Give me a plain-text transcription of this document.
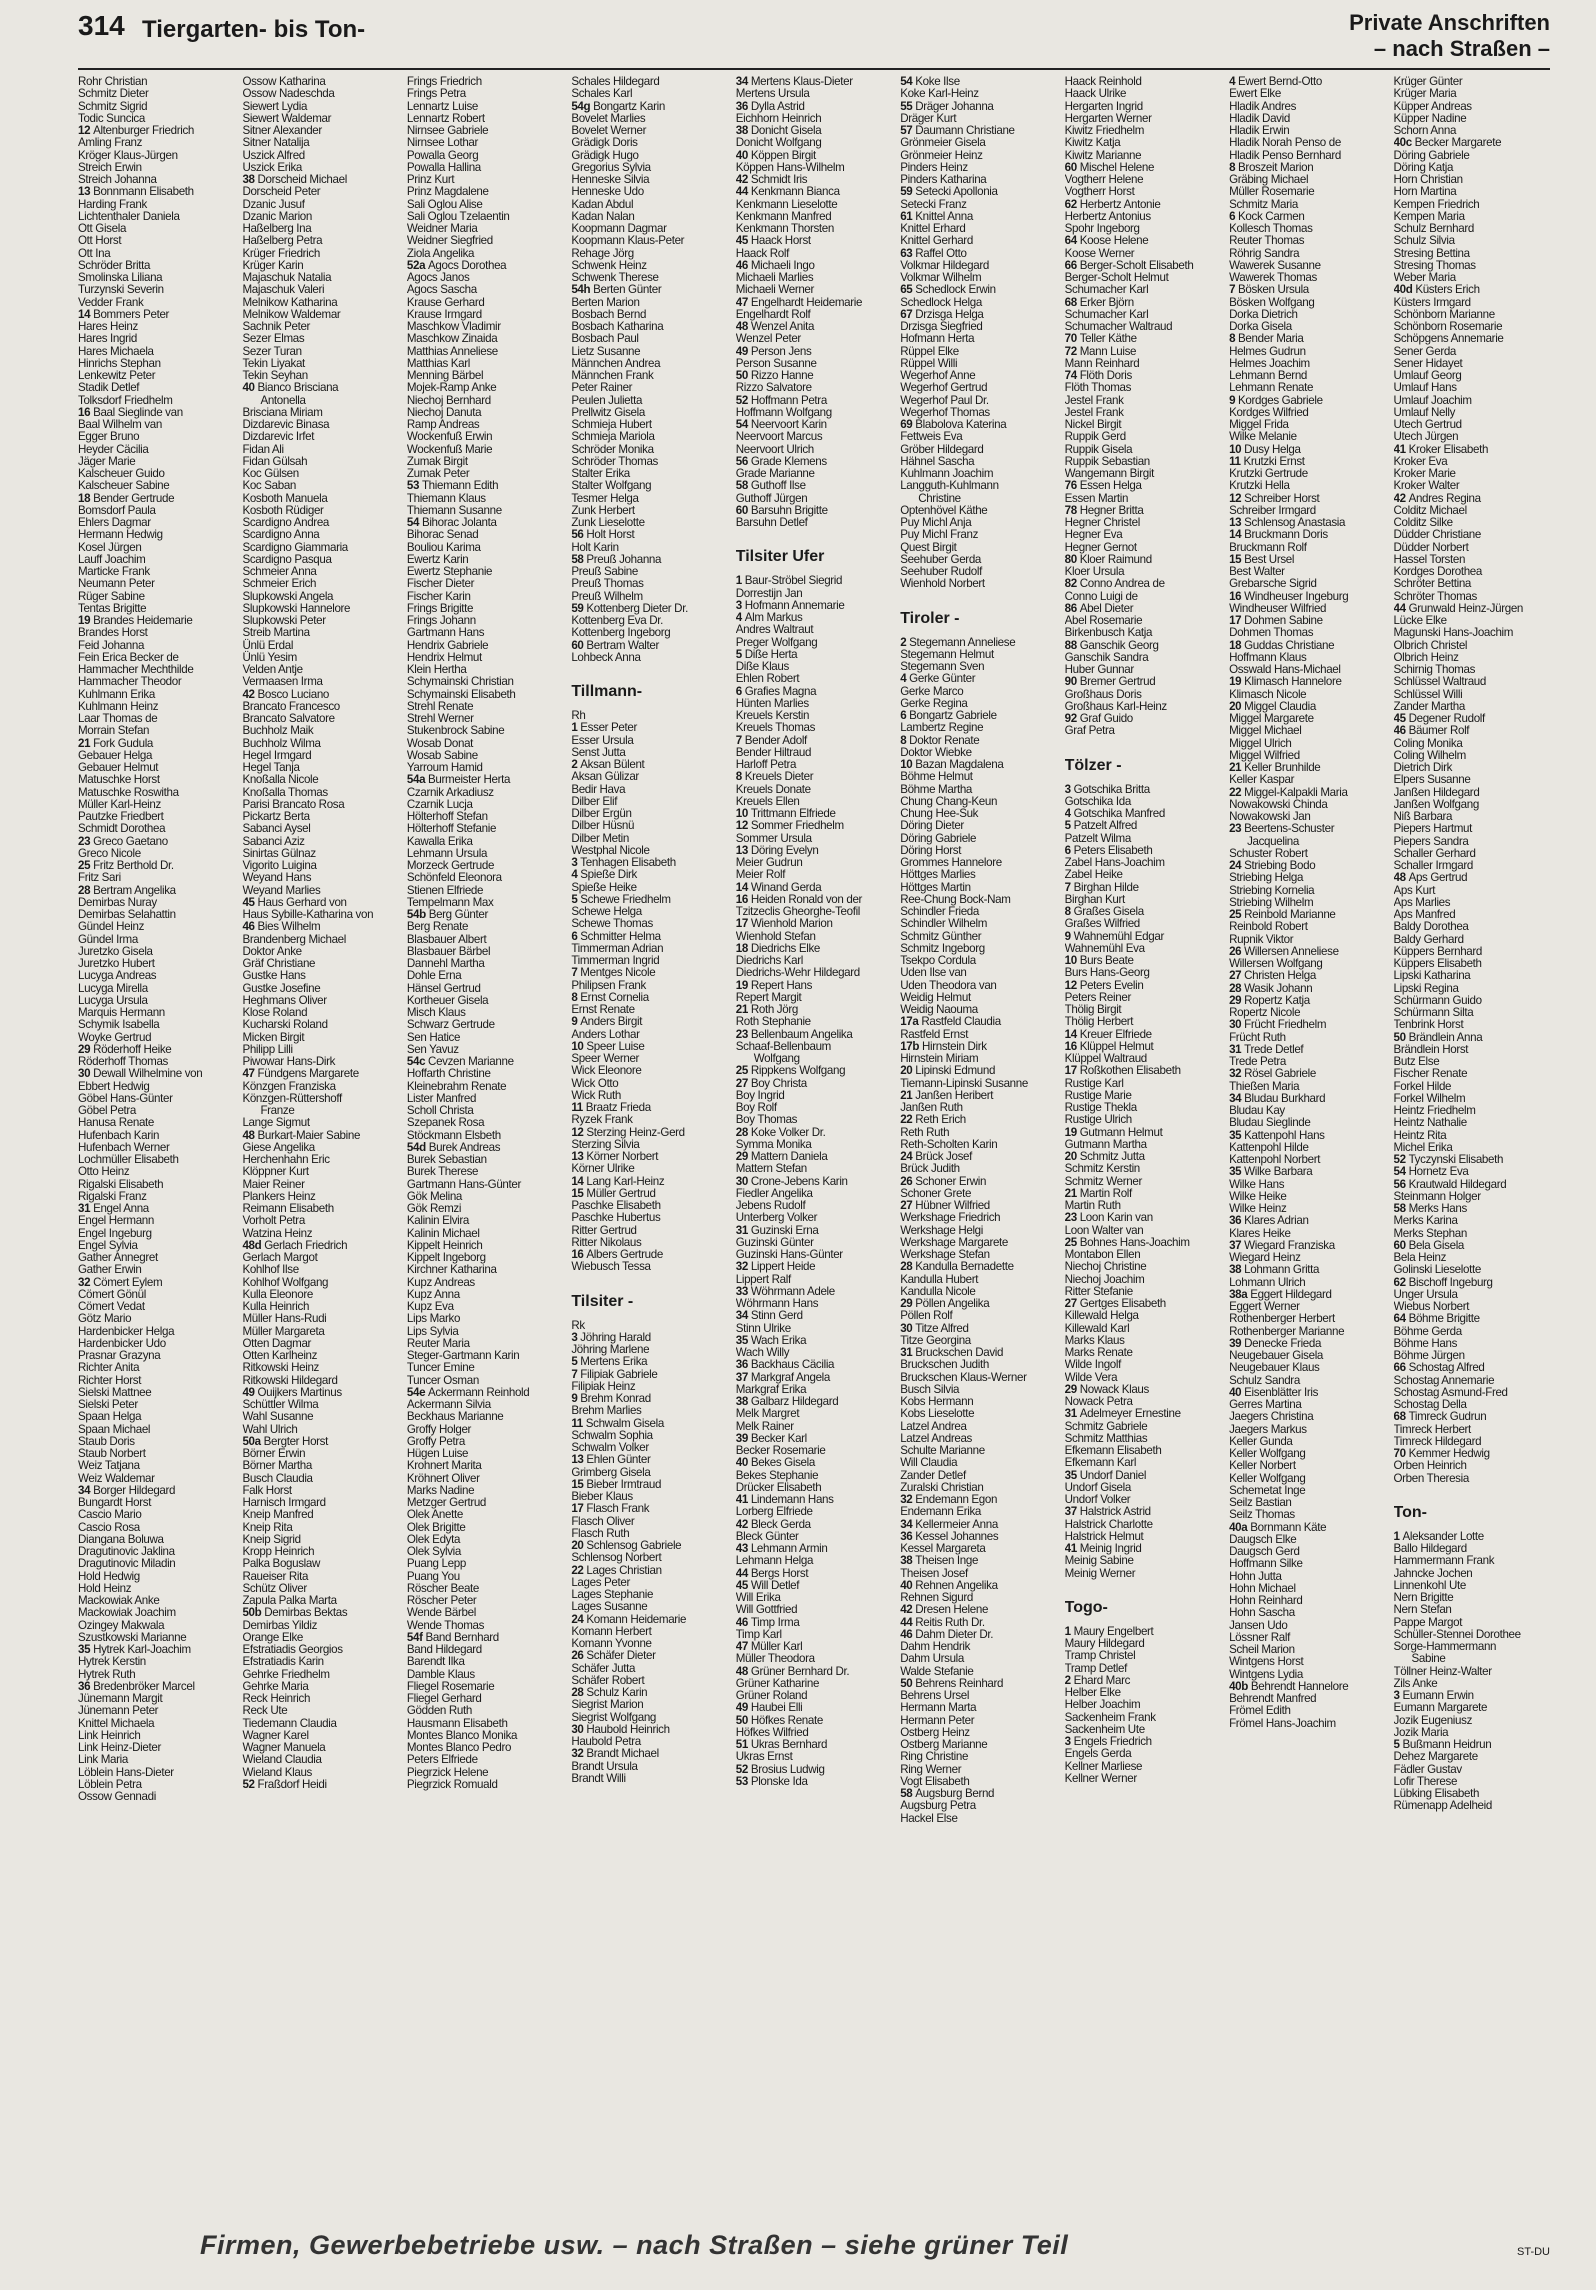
314 Tiergarten- bis Ton-	Private Anschriften
– nach Straßen –
Rohr Christian
Schmitz Dieter
Schmitz Sigrid
Todic Suncica
12 Altenburger Friedrich
Amling Franz
Kröger Klaus-Jürgen
Streich Erwin
Streich Johanna
13 Bonnmann Elisabeth
Harding Frank
Lichtenthaler Daniela
Ott Gisela
Ott Horst
Ott Ina
Schröder Britta
Smolinska Liliana
Turzynski Severin
Vedder Frank
14 Bommers Peter
Hares Heinz
Hares Ingrid
Hares Michaela
Hinrichs Stephan
Lenkewitz Peter
Stadik Detlef
Tolksdorf Friedhelm
16 Baal Sieglinde van
Baal Wilhelm van
Egger Bruno
Heyder Cäcilia
Jäger Marie
Kalscheuer Guido
Kalscheuer Sabine
18 Bender Gertrude
Bomsdorf Paula
Ehlers Dagmar
Hermann Hedwig
Kosel Jürgen
Lauff Joachim
Marticke Frank
Neumann Peter
Rüger Sabine
Tentas Brigitte
19 Brandes Heidemarie
Brandes Horst
Feid Johanna
Fein Erica Becker de
Hammacher Mechthilde
Hammacher Theodor
Kuhlmann Erika
Kuhlmann Heinz
Laar Thomas de
Morrain Stefan
21 Fork Gudula
Gebauer Helga
Gebauer Helmut
Matuschke Horst
Matuschke Roswitha
Müller Karl-Heinz
Pautzke Friedbert
Schmidt Dorothea
23 Greco Gaetano
Greco Nicole
25 Fritz Berthold Dr.
Fritz Sari
28 Bertram Angelika
Demirbas Nuray
Demirbas Selahattin
Gündel Heinz
Gündel Irma
Juretzko Gisela
Juretzko Hubert
Lucyga Andreas
Lucyga Mirella
Lucyga Ursula
Marquis Hermann
Schymik Isabella
Woyke Gertrud
29 Röderhoff Heike
Röderhoff Thomas
30 Dewall Wilhelmine von
Ebbert Hedwig
Göbel Hans-Günter
Göbel Petra
Hanusa Renate
Hufenbach Karin
Hufenbach Werner
Lochmüller Elisabeth
Otto Heinz
Rigalski Elisabeth
Rigalski Franz
31 Engel Anna
Engel Hermann
Engel Ingeburg
Engel Sylvia
Gather Annegret
Gather Erwin
32 Cömert Eylem
Cömert Gönül
Cömert Vedat
Götz Mario
Hardenbicker Helga
Hardenbicker Udo
Prasnar Grazyna
Richter Anita
Richter Horst
Sielski Mattnee
Sielski Peter
Spaan Helga
Spaan Michael
Staub Doris
Staub Norbert
Weiz Tatjana
Weiz Waldemar
34 Borger Hildegard
Bungardt Horst
Cascio Mario
Cascio Rosa
Diangana Boluwa
Dragutinovic Jaklina
Dragutinovic Miladin
Hold Hedwig
Hold Heinz
Mackowiak Anke
Mackowiak Joachim
Ozingey Makwala
Szustkowski Marianne
35 Hytrek Karl-Joachim
Hytrek Kerstin
Hytrek Ruth
36 Bredenbröker Marcel
Jünemann Margit
Jünemann Peter
Knittel Michaela
Link Heinrich
Link Heinz-Dieter
Link Maria
Löblein Hans-Dieter
Löblein Petra
Ossow Gennadi
Ossow Katharina
Ossow Nadeschda
Siewert Lydia
Siewert Waldemar
Sitner Alexander
Sitner Natalija
Uszick Alfred
Uszick Erika
38 Dorscheid Michael
Dorscheid Peter
Dzanic Jusuf
Dzanic Marion
Haßelberg Ina
Haßelberg Petra
Krüger Friedrich
Krüger Karin
Majaschuk Natalia
Majaschuk Valeri
Melnikow Katharina
Melnikow Waldemar
Sachnik Peter
Sezer Elmas
Sezer Turan
Tekin Liyakat
Tekin Seyhan
40 Bianco Brisciana
Antonella
Brisciana Miriam
Dizdarevic Binasa
Dizdarevic Irfet
Fidan Ali
Fidan Gülsah
Koc Gülsen
Koc Saban
Kosboth Manuela
Kosboth Rüdiger
Scardigno Andrea
Scardigno Anna
Scardigno Giammaria
Scardigno Pasqua
Schmeier Anna
Schmeier Erich
Slupkowski Angela
Slupkowski Hannelore
Slupkowski Peter
Streib Martina
Ünlü Erdal
Ünlü Yesim
Velden Antje
Vermaasen Irma
42 Bosco Luciano
Brancato Francesco
Brancato Salvatore
Buchholz Maik
Buchholz Wilma
Hegel Irmgard
Hegel Tanja
Knoßalla Nicole
Knoßalla Thomas
Parisi Brancato Rosa
Pickartz Berta
Sabanci Aysel
Sabanci Aziz
Sinirtas Gülnaz
Vigorito Luigina
Weyand Hans
Weyand Marlies
45 Haus Gerhard von
Haus Sybille-Katharina von
46 Bies Wilhelm
Brandenberg Michael
Doktor Anke
Gräf Christiane
Gustke Hans
Gustke Josefine
Heghmans Oliver
Klose Roland
Kucharski Roland
Micken Birgit
Philipp Lilli
Piwowar Hans-Dirk
47 Fündgens Margarete
Könzgen Franziska
Könzgen-Rüttershoff
Franze
Lange Sigmut
48 Burkart-Maier Sabine
Giese Angelika
Herchenhahn Eric
Klöppner Kurt
Maier Reiner
Plankers Heinz
Reimann Elisabeth
Vorholt Petra
Watzina Heinz
48d Gerlach Friedrich
Gerlach Margot
Kohlhof Ilse
Kohlhof Wolfgang
Kulla Eleonore
Kulla Heinrich
Müller Hans-Rudi
Müller Margareta
Otten Dagmar
Otten Karlheinz
Ritkowski Heinz
Ritkowski Hildegard
49 Ouijkers Martinus
Schüttler Wilma
Wahl Susanne
Wahl Ulrich
50a Bergter Horst
Börner Erwin
Börner Martha
Busch Claudia
Falk Horst
Harnisch Irmgard
Kneip Manfred
Kneip Rita
Kneip Sigrid
Kropp Heinrich
Palka Boguslaw
Raueiser Rita
Schütz Oliver
Zapula Palka Marta
50b Demirbas Bektas
Demirbas Yildiz
Orange Elke
Efstratiadis Georgios
Efstratiadis Karin
Gehrke Friedhelm
Gehrke Maria
Reck Heinrich
Reck Ute
Tiedemann Claudia
Wagner Karel
Wagner Manuela
Wieland Claudia
Wieland Klaus
52 Fraßdorf Heidi
Frings Friedrich
Frings Petra
Lennartz Luise
Lennartz Robert
Nirnsee Gabriele
Nirnsee Lothar
Powalla Georg
Powalla Hallina
Prinz Kurt
Prinz Magdalene
Sali Oglou Alise
Sali Oglou Tzelaentin
Weidner Maria
Weidner Siegfried
Ziola Angelika
52a Agocs Dorothea
Agocs Janos
Agocs Sascha
Krause Gerhard
Krause Irmgard
Maschkow Vladimir
Maschkow Zinaida
Matthias Anneliese
Matthias Karl
Menning Bärbel
Mojek-Ramp Anke
Niechoj Bernhard
Niechoj Danuta
Ramp Andreas
Wockenfuß Erwin
Wockenfuß Marie
Zumak Birgit
Zumak Peter
53 Thiemann Edith
Thiemann Klaus
Thiemann Susanne
54 Bihorac Jolanta
Bihorac Senad
Bouliou Karima
Ewertz Karin
Ewertz Stephanie
Fischer Dieter
Fischer Karin
Frings Brigitte
Frings Johann
Gartmann Hans
Hendrix Gabriele
Hendrix Helmut
Klein Hertha
Schymainski Christian
Schymainski Elisabeth
Strehl Renate
Strehl Werner
Stukenbrock Sabine
Wosab Donat
Wosab Sabine
Yarroum Hamid
54a Burmeister Herta
Czarnik Arkadiusz
Czarnik Lucja
Hölterhoff Stefan
Hölterhoff Stefanie
Kawalla Erika
Lehmann Ursula
Morzeck Gertrude
Schönfeld Eleonora
Stienen Elfriede
Tempelmann Max
54b Berg Günter
Berg Renate
Blasbauer Albert
Blasbauer Bärbel
Dannehl Martha
Dohle Erna
Hänsel Gertrud
Kortheuer Gisela
Misch Klaus
Schwarz Gertrude
Sen Hatice
Sen Yavuz
54c Cevzen Marianne
Hoffarth Christine
Kleinebrahm Renate
Lister Manfred
Scholl Christa
Szepanek Rosa
Stöckmann Elsbeth
54d Burek Andreas
Burek Sebastian
Burek Therese
Gartmann Hans-Günter
Gök Melina
Gök Remzi
Kalinin Elvira
Kalinin Michael
Kippelt Heinrich
Kippelt Ingeborg
Kirchner Katharina
Kupz Andreas
Kupz Anna
Kupz Eva
Lips Marko
Lips Sylvia
Reuter Maria
Steger-Gartmann Karin
Tuncer Emine
Tuncer Osman
54e Ackermann Reinhold
Ackermann Silvia
Beckhaus Marianne
Groffy Holger
Groffy Petra
Hügen Luise
Krohnert Marita
Kröhnert Oliver
Marks Nadine
Metzger Gertrud
Olek Anette
Olek Brigitte
Olek Edyta
Olek Sylvia
Puang Lepp
Puang You
Röscher Beate
Röscher Peter
Wende Bärbel
Wende Thomas
54f Band Bernhard
Band Hildegard
Barendt Ilka
Damble Klaus
Fliegel Rosemarie
Fliegel Gerhard
Gödden Ruth
Hausmann Elisabeth
Montes Blanco Monika
Montes Blanco Pedro
Peters Elfriede
Piegrzick Helene
Piegrzick Romuald
Schales Hildegard
Schales Karl
54g Bongartz Karin
Bovelet Marlies
Bovelet Werner
Grädigk Doris
Grädigk Hugo
Gregorius Sylvia
Henneske Silvia
Henneske Udo
Kadan Abdul
Kadan Nalan
Koopmann Dagmar
Koopmann Klaus-Peter
Rehage Jörg
Schwenk Heinz
Schwenk Therese
54h Berten Günter
Berten Marion
Bosbach Bernd
Bosbach Katharina
Bosbach Paul
Lietz Susanne
Männchen Andrea
Männchen Frank
Peter Rainer
Peulen Julietta
Prellwitz Gisela
Schmieja Hubert
Schmieja Mariola
Schröder Monika
Schröder Thomas
Stalter Erika
Stalter Wolfgang
Tesmer Helga
Zunk Herbert
Zunk Lieselotte
56 Holt Horst
Holt Karin
58 Preuß Johanna
Preuß Sabine
Preuß Thomas
Preuß Wilhelm
59 Kottenberg Dieter Dr.
Kottenberg Eva Dr.
Kottenberg Ingeborg
60 Bertram Walter
Lohbeck Anna
Tillmann-
Rh
1 Esser Peter
Esser Ursula
Senst Jutta
2 Aksan Bülent
Aksan Gülizar
Bedir Hava
Dilber Elif
Dilber Ergün
Dilber Hüsnü
Dilber Metin
Westphal Nicole
3 Tenhagen Elisabeth
4 Spieße Dirk
Spieße Heike
5 Schewe Friedhelm
Schewe Helga
Schewe Thomas
6 Schmitter Helma
Timmerman Adrian
Timmerman Ingrid
7 Mentges Nicole
Philipsen Frank
8 Ernst Cornelia
Ernst Renate
9 Anders Birgit
Anders Lothar
10 Speer Luise
Speer Werner
Wick Eleonore
Wick Otto
Wick Ruth
11 Braatz Frieda
Ryzek Frank
12 Sterzing Heinz-Gerd
Sterzing Silvia
13 Körner Norbert
Körner Ulrike
14 Lang Karl-Heinz
15 Müller Gertrud
Paschke Elisabeth
Paschke Hubertus
Ritter Gertrud
Ritter Nikolaus
16 Albers Gertrude
Wiebusch Tessa
Tilsiter -
Rk
3 Jöhring Harald
Jöhring Marlene
5 Mertens Erika
7 Filipiak Gabriele
Filipiak Heinz
9 Brehm Konrad
Brehm Marlies
11 Schwalm Gisela
Schwalm Sophia
Schwalm Volker
13 Ehlen Günter
Grimberg Gisela
15 Bieber Irmtraud
Bieber Klaus
17 Flasch Frank
Flasch Oliver
Flasch Ruth
20 Schlensog Gabriele
Schlensog Norbert
22 Lages Christian
Lages Peter
Lages Stephanie
Lages Susanne
24 Komann Heidemarie
Komann Herbert
Komann Yvonne
26 Schäfer Dieter
Schäfer Jutta
Schäfer Robert
28 Schulz Karin
Siegrist Marion
Siegrist Wolfgang
30 Haubold Heinrich
Haubold Petra
32 Brandt Michael
Brandt Ursula
Brandt Willi
34 Mertens Klaus-Dieter
Mertens Ursula
36 Dylla Astrid
Eichhorn Heinrich
38 Donicht Gisela
Donicht Wolfgang
40 Köppen Birgit
Köppen Hans-Wilhelm
42 Schmidt Iris
44 Kenkmann Bianca
Kenkmann Lieselotte
Kenkmann Manfred
Kenkmann Thorsten
45 Haack Horst
Haack Rolf
46 Michaeli Ingo
Michaeli Marlies
Michaeli Werner
47 Engelhardt Heidemarie
Engelhardt Rolf
48 Wenzel Anita
Wenzel Peter
49 Person Jens
Person Susanne
50 Rizzo Hanne
Rizzo Salvatore
52 Hoffmann Petra
Hoffmann Wolfgang
54 Neervoort Karin
Neervoort Marcus
Neervoort Ulrich
56 Grade Klemens
Grade Marianne
58 Guthoff Ilse
Guthoff Jürgen
60 Barsuhn Brigitte
Barsuhn Detlef
Tilsiter Ufer
1 Baur-Ströbel Siegrid
Dorrestijn Jan
3 Hofmann Annemarie
4 Alm Markus
Andres Waltraut
Preger Wolfgang
5 Diße Herta
Diße Klaus
Ehlen Robert
6 Grafies Magna
Hünten Marlies
Kreuels Kerstin
Kreuels Thomas
7 Bender Adolf
Bender Hiltraud
Harloff Petra
8 Kreuels Dieter
Kreuels Donate
Kreuels Ellen
10 Trittmann Elfriede
12 Sommer Friedhelm
Sommer Ursula
13 Döring Evelyn
Meier Gudrun
Meier Rolf
14 Winand Gerda
16 Heiden Ronald von der
Tzitzeclis Gheorghe-Teofil
17 Wienhold Marion
Wienhold Stefan
18 Diedrichs Elke
Diedrichs Karl
Diedrichs-Wehr Hildegard
19 Repert Hans
Repert Margit
21 Roth Jörg
Roth Stephanie
23 Bellenbaum Angelika
Schaaf-Bellenbaum
Wolfgang
25 Rippkens Wolfgang
27 Boy Christa
Boy Ingrid
Boy Rolf
Boy Thomas
28 Koke Volker Dr.
Symma Monika
29 Mattern Daniela
Mattern Stefan
30 Crone-Jebens Karin
Fiedler Angelika
Jebens Rudolf
Unterberg Volker
31 Guzinski Erna
Guzinski Günter
Guzinski Hans-Günter
32 Lippert Heide
Lippert Ralf
33 Wöhrmann Adele
Wöhrmann Hans
34 Stinn Gerd
Stinn Ulrike
35 Wach Erika
Wach Willy
36 Backhaus Cäcilia
37 Markgraf Angela
Markgraf Erika
38 Galbarz Hildegard
Melk Margret
Melk Rainer
39 Becker Karl
Becker Rosemarie
40 Bekes Gisela
Bekes Stephanie
Drücker Elisabeth
41 Lindemann Hans
Lorberg Elfriede
42 Bleck Gerda
Bleck Günter
43 Lehmann Armin
Lehmann Helga
44 Bergs Horst
45 Will Detlef
Will Erika
Will Gottfried
46 Timp Irma
Timp Karl
47 Müller Karl
Müller Theodora
48 Grüner Bernhard Dr.
Grüner Katharine
Grüner Roland
49 Haubei Elli
50 Höfkes Renate
Höfkes Wilfried
51 Ukras Bernhard
Ukras Ernst
52 Brosius Ludwig
53 Plonske Ida
54 Koke Ilse
Koke Karl-Heinz
55 Dräger Johanna
Dräger Kurt
57 Daumann Christiane
Grönmeier Gisela
Grönmeier Heinz
Pinders Heinz
Pinders Katharina
59 Setecki Apollonia
Setecki Franz
61 Knittel Anna
Knittel Erhard
Knittel Gerhard
63 Raffel Otto
Volkmar Hildegard
Volkmar Wilhelm
65 Schedlock Erwin
Schedlock Helga
67 Drzisga Helga
Drzisga Siegfried
Hofmann Herta
Rüppel Elke
Rüppel Willi
Wegerhof Anne
Wegerhof Gertrud
Wegerhof Paul Dr.
Wegerhof Thomas
69 Blabolova Katerina
Fettweis Eva
Gröber Hildegard
Hähnel Sascha
Kuhlmann Joachim
Langguth-Kuhlmann
Christine
Optenhövel Käthe
Puy Michl Anja
Puy Michl Franz
Quest Birgit
Seehuber Gerda
Seehuber Rudolf
Wienhold Norbert
Tiroler -
2 Stegemann Anneliese
Stegemann Helmut
Stegemann Sven
4 Gerke Günter
Gerke Marco
Gerke Regina
6 Bongartz Gabriele
Lambertz Regine
8 Doktor Renate
Doktor Wiebke
10 Bazan Magdalena
Böhme Helmut
Böhme Martha
Chung Chang-Keun
Chung Hee-Suk
Döring Dieter
Döring Gabriele
Döring Horst
Grommes Hannelore
Höttges Marlies
Höttges Martin
Ree-Chung Bock-Nam
Schindler Frieda
Schindler Wilhelm
Schmitz Günther
Schmitz Ingeborg
Tsekpo Cordula
Uden Ilse van
Uden Theodora van
Weidig Helmut
Weidig Naouma
17a Rastfeld Claudia
Rastfeld Ernst
17b Hirnstein Dirk
Hirnstein Miriam
20 Lipinski Edmund
Tiemann-Lipinski Susanne
21 Janßen Heribert
Janßen Ruth
22 Reth Erich
Reth Ruth
Reth-Scholten Karin
24 Brück Josef
Brück Judith
26 Schoner Erwin
Schoner Grete
27 Hübner Wilfried
Werkshage Friedrich
Werkshage Helgi
Werkshage Margarete
Werkshage Stefan
28 Kandulla Bernadette
Kandulla Hubert
Kandulla Nicole
29 Pöllen Angelika
Pöllen Rolf
30 Titze Alfred
Titze Georgina
31 Bruckschen David
Bruckschen Judith
Bruckschen Klaus-Werner
Busch Silvia
Kobs Hermann
Kobs Lieselotte
Latzel Andrea
Latzel Andreas
Schulte Marianne
Will Claudia
Zander Detlef
Zuralski Christian
32 Endemann Egon
Endemann Erika
34 Kellermeier Anna
36 Kessel Johannes
Kessel Margareta
38 Theisen Inge
Theisen Josef
40 Rehnen Angelika
Rehnen Sigurd
42 Dresen Helene
44 Reitis Ruth Dr.
46 Dahm Dieter Dr.
Dahm Hendrik
Dahm Ursula
Walde Stefanie
50 Behrens Reinhard
Behrens Ursel
Hermann Marta
Hermann Peter
Ostberg Heinz
Ostberg Marianne
Ring Christine
Ring Werner
Vogt Elisabeth
58 Augsburg Bernd
Augsburg Petra
Hackel Else
Haack Reinhold
Haack Ulrike
Hergarten Ingrid
Hergarten Werner
Kiwitz Friedhelm
Kiwitz Katja
Kiwitz Marianne
60 Mischel Helene
Vogtherr Helene
Vogtherr Horst
62 Herbertz Antonie
Herbertz Antonius
Spohr Ingeborg
64 Koose Helene
Koose Werner
66 Berger-Scholt Elisabeth
Berger-Scholt Helmut
Schumacher Karl
68 Erker Björn
Schumacher Karl
Schumacher Waltraud
70 Teller Käthe
72 Mann Luise
Mann Reinhard
74 Flöth Doris
Flöth Thomas
Jestel Frank
Jestel Frank
Nickel Birgit
Ruppik Gerd
Ruppik Gisela
Ruppik Sebastian
Wangemann Birgit
76 Essen Helga
Essen Martin
78 Hegner Britta
Hegner Christel
Hegner Eva
Hegner Gernot
80 Kloer Raimund
Kloer Ursula
82 Conno Andrea de
Conno Luigi de
86 Abel Dieter
Abel Rosemarie
Birkenbusch Katja
88 Ganschik Georg
Ganschik Sandra
Huber Gunnar
90 Bremer Gertrud
Großhaus Doris
Großhaus Karl-Heinz
92 Graf Guido
Graf Petra
Tölzer -
3 Gotschika Britta
Gotschika Ida
4 Gotschika Manfred
5 Patzelt Alfred
Patzelt Wilma
6 Peters Elisabeth
Zabel Hans-Joachim
Zabel Heike
7 Birghan Hilde
Birghan Kurt
8 Graßes Gisela
Graßes Wilfried
9 Wahnemühl Edgar
Wahnemühl Eva
10 Burs Beate
Burs Hans-Georg
12 Peters Evelin
Peters Reiner
Thölig Birgit
Thölig Herbert
14 Kreuer Elfriede
16 Klüppel Helmut
Klüppel Waltraud
17 Roßkothen Elisabeth
Rustige Karl
Rustige Marie
Rustige Thekla
Rustige Ulrich
19 Gutmann Helmut
Gutmann Martha
20 Schmitz Jutta
Schmitz Kerstin
Schmitz Werner
21 Martin Rolf
Martin Ruth
23 Loon Karin van
Loon Walter van
25 Bohnes Hans-Joachim
Montabon Ellen
Niechoj Christine
Niechoj Joachim
Ritter Stefanie
27 Gertges Elisabeth
Killewald Helga
Killewald Karl
Marks Klaus
Marks Renate
Wilde Ingolf
Wilde Vera
29 Nowack Klaus
Nowack Petra
31 Adelmeyer Ernestine
Schmitz Gabriele
Schmitz Matthias
Efkemann Elisabeth
Efkemann Karl
35 Undorf Daniel
Undorf Gisela
Undorf Volker
37 Halstrick Astrid
Halstrick Charlotte
Halstrick Helmut
41 Meinig Ingrid
Meinig Sabine
Meinig Werner
Togo-
1 Maury Engelbert
Maury Hildegard
Tramp Christel
Tramp Detlef
2 Ehard Marc
Helber Elke
Helber Joachim
Sackenheim Frank
Sackenheim Ute
3 Engels Friedrich
Engels Gerda
Kellner Marliese
Kellner Werner
4 Ewert Bernd-Otto
Ewert Elke
Hladik Andres
Hladik David
Hladik Erwin
Hladik Norah Penso de
Hladik Penso Bernhard
8 Broszeit Marion
Gräbing Michael
Müller Rosemarie
Schmitz Maria
6 Kock Carmen
Kollesch Thomas
Reuter Thomas
Röhrig Sandra
Wawerek Susanne
Wawerek Thomas
7 Bösken Ursula
Bösken Wolfgang
Dorka Dietrich
Dorka Gisela
8 Bender Maria
Helmes Gudrun
Helmes Joachim
Lehmann Bernd
Lehmann Renate
9 Kordges Gabriele
Kordges Wilfried
Miggel Frida
Wilke Melanie
10 Dusy Helga
11 Krutzki Ernst
Krutzki Gertrude
Krutzki Hella
12 Schreiber Horst
Schreiber Irmgard
13 Schlensog Anastasia
14 Bruckmann Doris
Bruckmann Rolf
15 Best Ursel
Best Walter
Grebarsche Sigrid
16 Windheuser Ingeburg
Windheuser Wilfried
17 Dohmen Sabine
Dohmen Thomas
18 Guddas Christiane
Hoffmann Klaus
Osswald Hans-Michael
19 Klimasch Hannelore
Klimasch Nicole
20 Miggel Claudia
Miggel Margarete
Miggel Michael
Miggel Ulrich
Miggel Wilfried
21 Keller Brunhilde
Keller Kaspar
22 Miggel-Kalpakli Maria
Nowakowski Chinda
Nowakowski Jan
23 Beertens-Schuster
Jacquelina
Schuster Robert
24 Striebing Bodo
Striebing Helga
Striebing Kornelia
Striebing Wilhelm
25 Reinbold Marianne
Reinbold Robert
Rupnik Viktor
26 Willersen Anneliese
Willersen Wolfgang
27 Christen Helga
28 Wasik Johann
29 Ropertz Katja
Ropertz Nicole
30 Frücht Friedhelm
Frücht Ruth
31 Trede Detlef
Trede Petra
32 Rösel Gabriele
Thießen Maria
34 Bludau Burkhard
Bludau Kay
Bludau Sieglinde
35 Kattenpohl Hans
Kattenpohl Hilde
Kattenpohl Norbert
35 Wilke Barbara
Wilke Hans
Wilke Heike
Wilke Heinz
36 Klares Adrian
Klares Heike
37 Wiegard Franziska
Wiegard Heinz
38 Lohmann Gritta
Lohmann Ulrich
38a Eggert Hildegard
Eggert Werner
Rothenberger Herbert
Rothenberger Marianne
39 Denecke Frieda
Neugebauer Gisela
Neugebauer Klaus
Schulz Sandra
40 Eisenblätter Iris
Gerres Martina
Jaegers Christina
Jaegers Markus
Keller Gunda
Keller Wolfgang
Keller Norbert
Keller Wolfgang
Schemetat Inge
Seilz Bastian
Seilz Thomas
40a Bornmann Käte
Daugsch Elke
Daugsch Gerd
Hoffmann Silke
Hohn Jutta
Hohn Michael
Hohn Reinhard
Hohn Sascha
Jansen Udo
Lössner Ralf
Scheil Marion
Wintgens Horst
Wintgens Lydia
40b Behrendt Hannelore
Behrendt Manfred
Frömel Edith
Frömel Hans-Joachim
Krüger Günter
Krüger Maria
Küpper Andreas
Küpper Nadine
Schorn Anna
40c Becker Margarete
Döring Gabriele
Döring Katja
Horn Christian
Horn Martina
Kempen Friedrich
Kempen Maria
Schulz Bernhard
Schulz Silvia
Stresing Bettina
Stresing Thomas
Weber Maria
40d Küsters Erich
Küsters Irmgard
Schönborn Marianne
Schönborn Rosemarie
Schöpgens Annemarie
Sener Gerda
Sener Hidayet
Umlauf Georg
Umlauf Hans
Umlauf Joachim
Umlauf Nelly
Utech Gertrud
Utech Jürgen
41 Kroker Elisabeth
Kroker Eva
Kroker Marie
Kroker Walter
42 Andres Regina
Colditz Michael
Colditz Silke
Düdder Christiane
Düdder Norbert
Hassel Torsten
Kordges Dorothea
Schröter Bettina
Schröter Thomas
44 Grunwald Heinz-Jürgen
Lücke Elke
Magunski Hans-Joachim
Olbrich Christel
Olbrich Heinz
Schirnig Thomas
Schlüssel Waltraud
Schlüssel Willi
Zander Martha
45 Degener Rudolf
46 Bäumer Rolf
Coling Monika
Coling Wilhelm
Dietrich Dirk
Elpers Susanne
Janßen Hildegard
Janßen Wolfgang
Niß Barbara
Piepers Hartmut
Piepers Sandra
Schaller Gerhard
Schaller Irmgard
48 Aps Gertrud
Aps Kurt
Aps Marlies
Aps Manfred
Baldy Dorothea
Baldy Gerhard
Küppers Bernhard
Küppers Elisabeth
Lipski Katharina
Lipski Regina
Schürmann Guido
Schürmann Silta
Tenbrink Horst
50 Brändlein Anna
Brändlein Horst
Butz Else
Fischer Renate
Forkel Hilde
Forkel Wilhelm
Heintz Friedhelm
Heintz Nathalie
Heintz Rita
Michel Erika
52 Tyczynski Elisabeth
54 Hornetz Eva
56 Krautwald Hildegard
Steinmann Holger
58 Merks Hans
Merks Karina
Merks Stephan
60 Bela Gisela
Bela Heinz
Golinski Lieselotte
62 Bischoff Ingeburg
Unger Ursula
Wiebus Norbert
64 Böhme Brigitte
Böhme Gerda
Böhme Hans
Böhme Jürgen
66 Schostag Alfred
Schostag Annemarie
Schostag Asmund-Fred
Schostag Della
68 Timreck Gudrun
Timreck Herbert
Timreck Hildegard
70 Kemmer Hedwig
Orben Heinrich
Orben Theresia
Ton-
1 Aleksander Lotte
Ballo Hildegard
Hammermann Frank
Jahncke Jochen
Linnenkohl Ute
Nern Brigitte
Nern Stefan
Pappe Margot
Schüller-Stennei Dorothee
Sorge-Hammermann
Sabine
Töllner Heinz-Walter
Zils Anke
3 Eumann Erwin
Eumann Margarete
Jozik Eugeniusz
Jozik Maria
5 Bußmann Heidrun
Dehez Margarete
Fädler Gustav
Lofir Therese
Lübking Elisabeth
Rümenapp Adelheid
Firmen, Gewerbebetriebe usw. – nach Straßen – siehe grüner Teil	ST-DU
